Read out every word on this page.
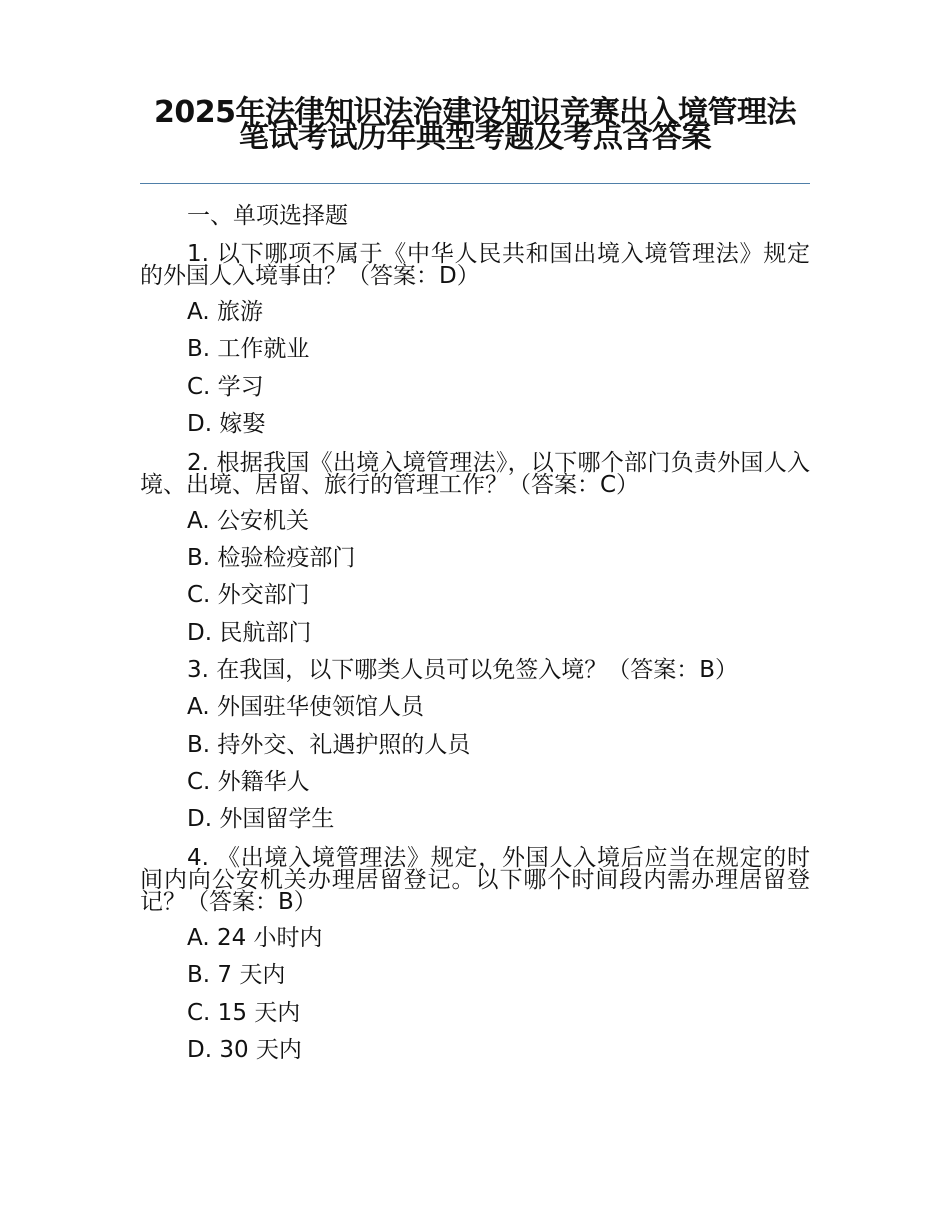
2025年法律知识法治建设知识竞赛出入境管理法笔试考试历年典型考题及考点含答案

一、单项选择题

1. 以下哪项不属于《中华人民共和国出境入境管理法》规定的外国人入境事由？（答案：D）

A. 旅游

B. 工作就业

C. 学习

D. 嫁娶

2. 根据我国《出境入境管理法》，以下哪个部门负责外国人入境、出境、居留、旅行的管理工作？（答案：C）

A. 公安机关

B. 检验检疫部门

C. 外交部门

D. 民航部门

3. 在我国，以下哪类人员可以免签入境？（答案：B）

A. 外国驻华使领馆人员

B. 持外交、礼遇护照的人员

C. 外籍华人

D. 外国留学生

4. 《出境入境管理法》规定，外国人入境后应当在规定的时间内向公安机关办理居留登记。以下哪个时间段内需办理居留登记？（答案：B）

A. 24 小时内

B. 7 天内

C. 15 天内

D. 30 天内
